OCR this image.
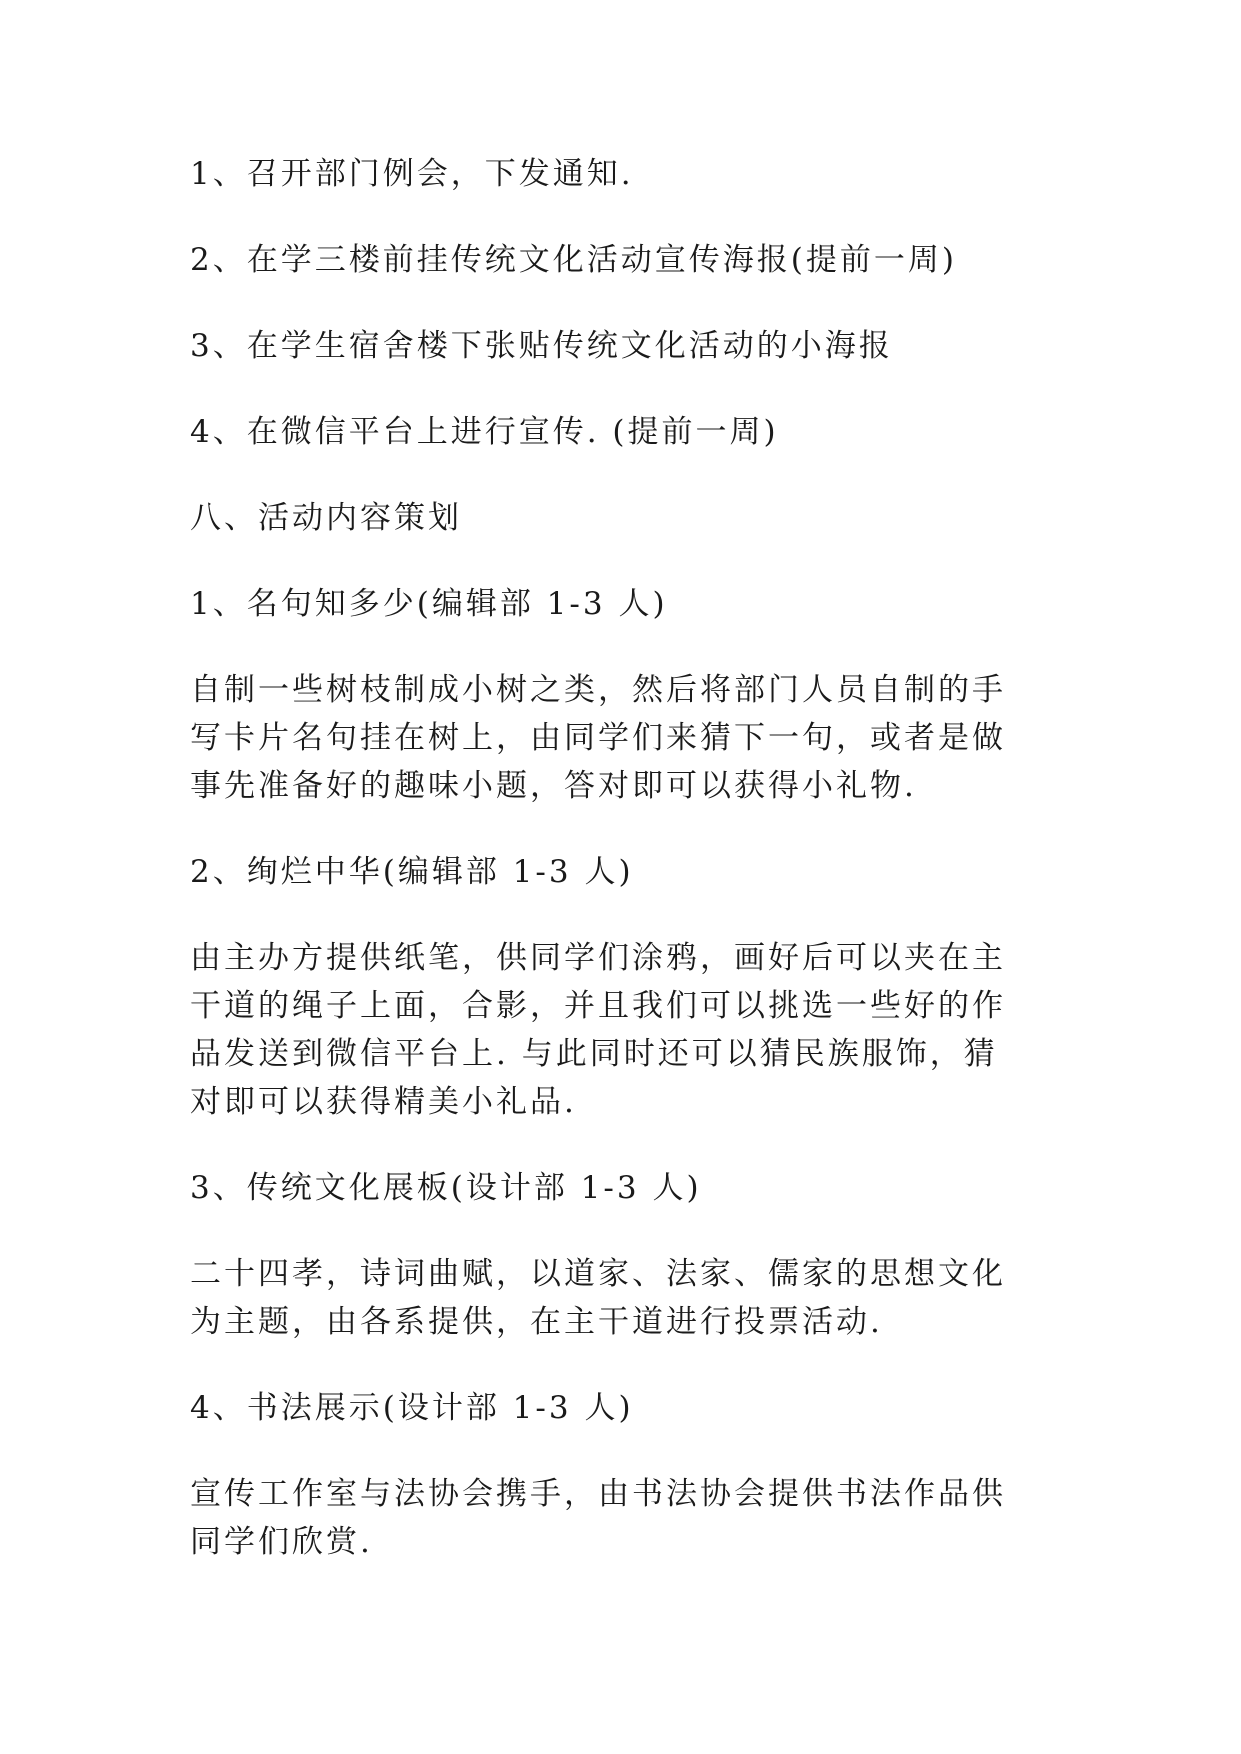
1、召开部门例会，下发通知.

2、在学三楼前挂传统文化活动宣传海报(提前一周)

3、在学生宿舍楼下张贴传统文化活动的小海报

4、在微信平台上进行宣传. (提前一周)

八、活动内容策划

1、名句知多少(编辑部 1-3 人)

自制一些树枝制成小树之类，然后将部门人员自制的手写卡片名句挂在树上，由同学们来猜下一句，或者是做事先准备好的趣味小题，答对即可以获得小礼物.

2、绚烂中华(编辑部 1-3 人)

由主办方提供纸笔，供同学们涂鸦，画好后可以夹在主干道的绳子上面，合影，并且我们可以挑选一些好的作品发送到微信平台上. 与此同时还可以猜民族服饰，猜对即可以获得精美小礼品.

3、传统文化展板(设计部 1-3 人)

二十四孝，诗词曲赋，以道家、法家、儒家的思想文化为主题，由各系提供，在主干道进行投票活动.

4、书法展示(设计部 1-3 人)

宣传工作室与法协会携手，由书法协会提供书法作品供同学们欣赏.
